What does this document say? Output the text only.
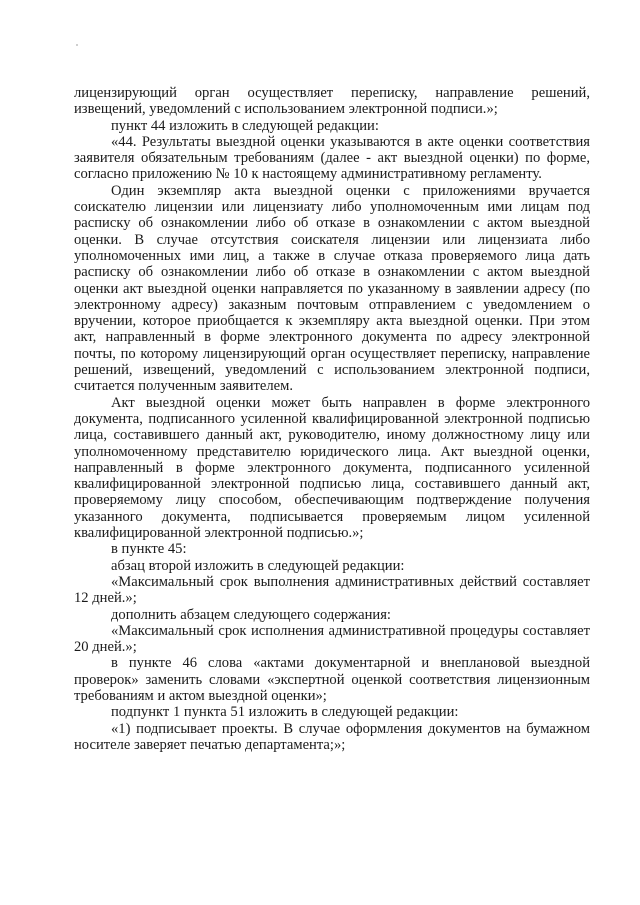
лицензирующий орган осуществляет переписку, направление решений, извещений, уведомлений с использованием электронной подписи.»;

пункт 44 изложить в следующей редакции:

«44. Результаты выездной оценки указываются в акте оценки соответствия заявителя обязательным требованиям (далее - акт выездной оценки) по форме, согласно приложению № 10 к настоящему административному регламенту.

Один экземпляр акта выездной оценки с приложениями вручается соискателю лицензии или лицензиату либо уполномоченным ими лицам под расписку об ознакомлении либо об отказе в ознакомлении с актом выездной оценки. В случае отсутствия соискателя лицензии или лицензиата либо уполномоченных ими лиц, а также в случае отказа проверяемого лица дать расписку об ознакомлении либо об отказе в ознакомлении с актом выездной оценки акт выездной оценки направляется по указанному в заявлении адресу (по электронному адресу) заказным почтовым отправлением с уведомлением о вручении, которое приобщается к экземпляру акта выездной оценки. При этом акт, направленный в форме электронного документа по адресу электронной почты, по которому лицензирующий орган осуществляет переписку, направление решений, извещений, уведомлений с использованием электронной подписи, считается полученным заявителем.

Акт выездной оценки может быть направлен в форме электронного документа, подписанного усиленной квалифицированной электронной подписью лица, составившего данный акт, руководителю, иному должностному лицу или уполномоченному представителю юридического лица. Акт выездной оценки, направленный в форме электронного документа, подписанного усиленной квалифицированной электронной подписью лица, составившего данный акт, проверяемому лицу способом, обеспечивающим подтверждение получения указанного документа, подписывается проверяемым лицом усиленной квалифицированной электронной подписью.»;

в пункте 45:

абзац второй изложить в следующей редакции:

«Максимальный срок выполнения административных действий составляет 12 дней.»;

дополнить абзацем следующего содержания:

«Максимальный срок исполнения административной процедуры составляет 20 дней.»;

в пункте 46 слова «актами документарной и внеплановой выездной проверок» заменить словами «экспертной оценкой соответствия лицензионным требованиям и актом выездной оценки»;

подпункт 1 пункта 51 изложить в следующей редакции:

«1) подписывает проекты. В случае оформления документов на бумажном носителе заверяет печатью департамента;»;
